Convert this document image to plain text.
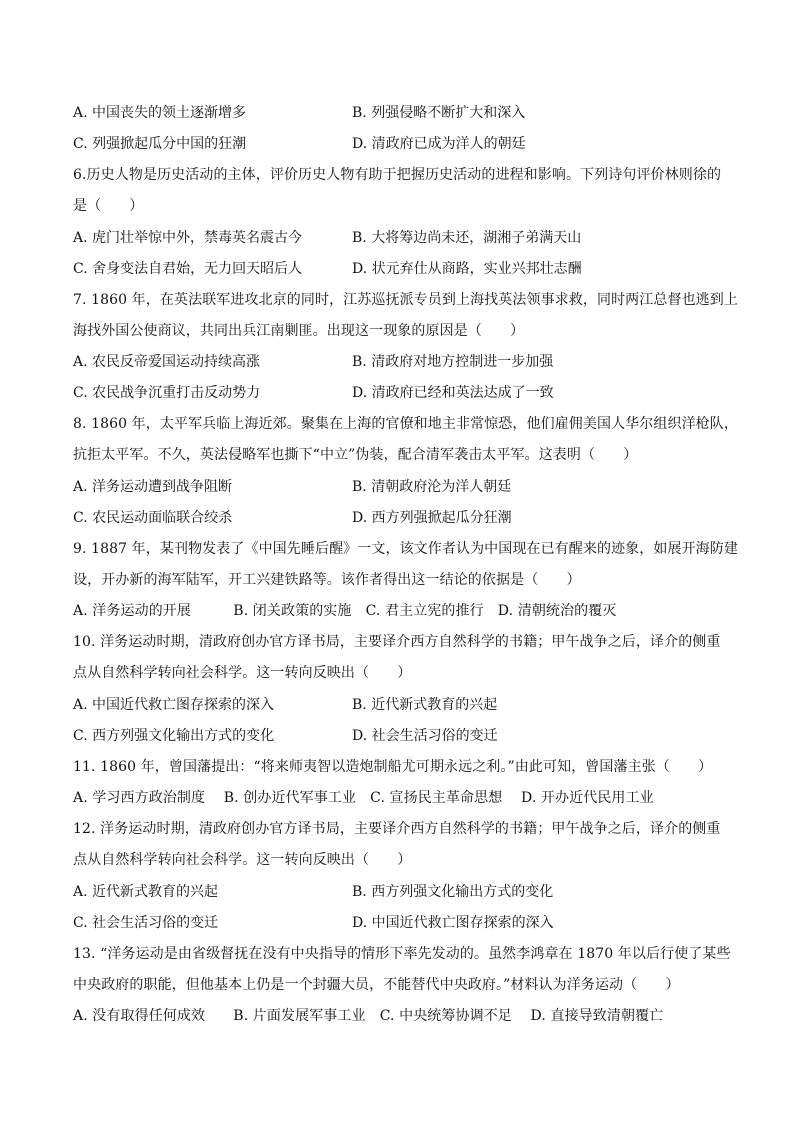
A. 中国丧失的领土逐渐增多	B. 列强侵略不断扩大和深入
C. 列强掀起瓜分中国的狂潮	D. 清政府已成为洋人的朝廷
6.历史人物是历史活动的主体，评价历史人物有助于把握历史活动的进程和影响。下列诗句评价林则徐的
是（　　）
A. 虎门壮举惊中外，禁毒英名震古今	B. 大将筹边尚未还，湖湘子弟满天山
C. 舍身变法自君始，无力回天昭后人	D. 状元弃仕从商路，实业兴邦壮志酬
7. 1860 年，在英法联军进攻北京的同时，江苏巡抚派专员到上海找英法领事求救，同时两江总督也逃到上
海找外国公使商议，共同出兵江南剿匪。出现这一现象的原因是（　　）
A. 农民反帝爱国运动持续高涨	B. 清政府对地方控制进一步加强
C. 农民战争沉重打击反动势力	D. 清政府已经和英法达成了一致
8. 1860 年，太平军兵临上海近郊。聚集在上海的官僚和地主非常惊恐，他们雇佣美国人华尔组织洋枪队，
抗拒太平军。不久，英法侵略军也撕下“中立”伪装，配合清军袭击太平军。这表明（　　）
A. 洋务运动遭到战争阻断	B. 清朝政府沦为洋人朝廷
C. 农民运动面临联合绞杀	D. 西方列强掀起瓜分狂潮
9. 1887 年，某刊物发表了《中国先睡后醒》一文，该文作者认为中国现在已有醒来的迹象，如展开海防建
设，开办新的海军陆军，开工兴建铁路等。该作者得出这一结论的依据是（　　）
A. 洋务运动的开展　　　B. 闭关政策的实施　C. 君主立宪的推行　D. 清朝统治的覆灭
10. 洋务运动时期，清政府创办官方译书局，主要译介西方自然科学的书籍；甲午战争之后，译介的侧重
点从自然科学转向社会科学。这一转向反映出（　　）
A. 中国近代救亡图存探索的深入	B. 近代新式教育的兴起
C. 西方列强文化输出方式的变化	D. 社会生活习俗的变迁
11. 1860 年，曾国藩提出：“将来师夷智以造炮制船尤可期永远之利。”由此可知，曾国藩主张（　　）
A. 学习西方政治制度　 B. 创办近代军事工业　C. 宣扬民主革命思想　 D. 开办近代民用工业
12. 洋务运动时期，清政府创办官方译书局，主要译介西方自然科学的书籍；甲午战争之后，译介的侧重
点从自然科学转向社会科学。这一转向反映出（　　）
A. 近代新式教育的兴起	B. 西方列强文化输出方式的变化
C. 社会生活习俗的变迁	D. 中国近代救亡图存探索的深入
13. “洋务运动是由省级督抚在没有中央指导的情形下率先发动的。虽然李鸿章在 1870 年以后行使了某些
中央政府的职能，但他基本上仍是一个封疆大员，不能替代中央政府。”材料认为洋务运动（　　）
A. 没有取得任何成效　　B. 片面发展军事工业　C. 中央统筹协调不足　 D. 直接导致清朝覆亡
